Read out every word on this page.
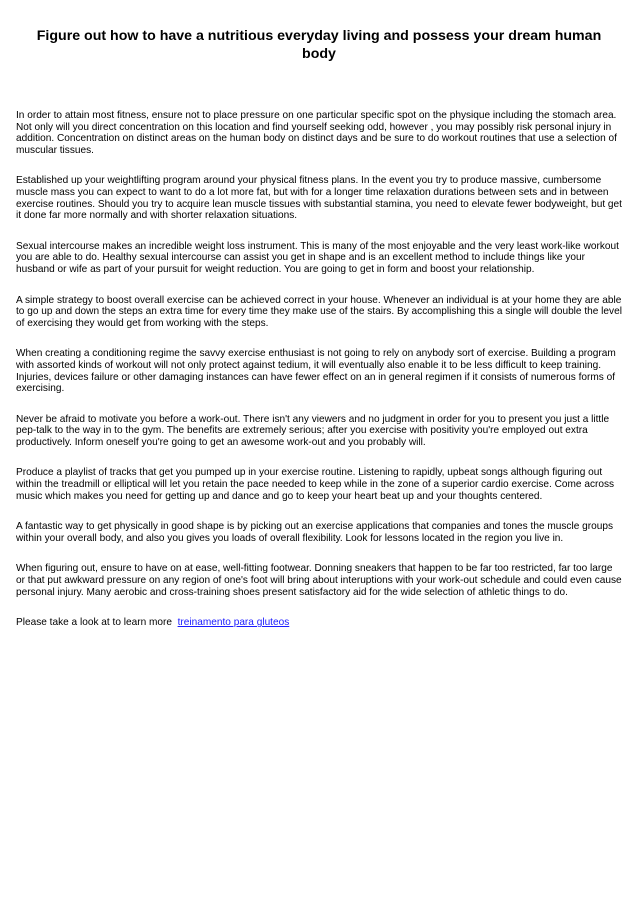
Figure out how to have a nutritious everyday living and possess your dream human body

In order to attain most fitness, ensure not to place pressure on one particular specific spot on the physique including the stomach area. Not only will you direct concentration on this location and find yourself seeking odd, however , you may possibly risk personal injury in addition. Concentration on distinct areas on the human body on distinct days and be sure to do workout routines that use a selection of muscular tissues.

Established up your weightlifting program around your physical fitness plans. In the event you try to produce massive, cumbersome muscle mass you can expect to want to do a lot more fat, but with for a longer time relaxation durations between sets and in between exercise routines. Should you try to acquire lean muscle tissues with substantial stamina, you need to elevate fewer bodyweight, but get it done far more normally and with shorter relaxation situations.

Sexual intercourse makes an incredible weight loss instrument. This is many of the most enjoyable and the very least work-like workout you are able to do. Healthy sexual intercourse can assist you get in shape and is an excellent method to include things like your husband or wife as part of your pursuit for weight reduction. You are going to get in form and boost your relationship.

A simple strategy to boost overall exercise can be achieved correct in your house. Whenever an individual is at your home they are able to go up and down the steps an extra time for every time they make use of the stairs. By accomplishing this a single will double the level of exercising they would get from working with the steps.

When creating a conditioning regime the savvy exercise enthusiast is not going to rely on anybody sort of exercise. Building a program with assorted kinds of workout will not only protect against tedium, it will eventually also enable it to be less difficult to keep training. Injuries, devices failure or other damaging instances can have fewer effect on an in general regimen if it consists of numerous forms of exercising.

Never be afraid to motivate you before a work-out. There isn't any viewers and no judgment in order for you to present you just a little pep-talk to the way in to the gym. The benefits are extremely serious; after you exercise with positivity you're employed out extra productively. Inform oneself you're going to get an awesome work-out and you probably will.

Produce a playlist of tracks that get you pumped up in your exercise routine. Listening to rapidly, upbeat songs although figuring out within the treadmill or elliptical will let you retain the pace needed to keep while in the zone of a superior cardio exercise. Come across music which makes you need for getting up and dance and go to keep your heart beat up and your thoughts centered.

A fantastic way to get physically in good shape is by picking out an exercise applications that companies and tones the muscle groups within your overall body, and also you gives you loads of overall flexibility. Look for lessons located in the region you live in.

When figuring out, ensure to have on at ease, well-fitting footwear. Donning sneakers that happen to be far too restricted, far too large or that put awkward pressure on any region of one's foot will bring about interuptions with your work-out schedule and could even cause personal injury. Many aerobic and cross-training shoes present satisfactory aid for the wide selection of athletic things to do.

Please take a look at to learn more treinamento para gluteos
